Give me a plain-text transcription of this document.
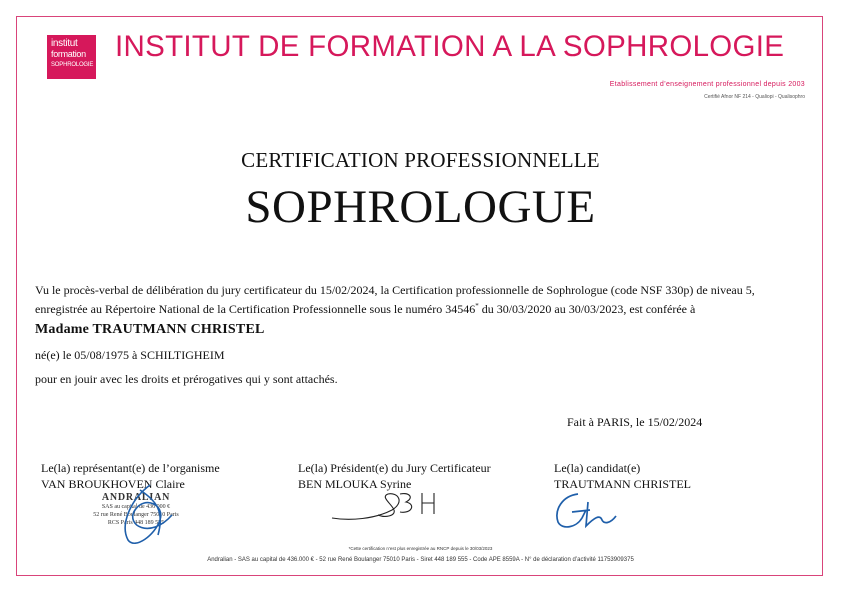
institut
formation
SOPHROLOGIE
INSTITUT DE FORMATION A LA SOPHROLOGIE
Etablissement d’enseignement professionnel depuis 2003
Certifié Afnor NF 214 - Qualiopi - Qualisophro
CERTIFICATION PROFESSIONNELLE
SOPHROLOGUE
Vu le procès-verbal de délibération du jury certificateur du 15/02/2024, la Certification professionnelle de Sophrologue (code NSF 330p) de niveau 5,
enregistrée au Répertoire National de la Certification Professionnelle sous le numéro 34546* du 30/03/2020 au 30/03/2023, est conférée à
Madame TRAUTMANN CHRISTEL
né(e) le 05/08/1975 à SCHILTIGHEIM
pour en jouir avec les droits et prérogatives qui y sont attachés.
Fait à PARIS, le 15/02/2024
Le(la) représentant(e) de l’organisme
VAN BROUKHOVEN Claire
Le(la) Président(e) du Jury Certificateur
BEN MLOUKA Syrine
Le(la) candidat(e)
TRAUTMANN CHRISTEL
ANDRALIAN
SAS au capital de 436 000 €
52 rue René Boulanger 75010 Paris
RCS Paris 448 189 555
*Cette certification n’est plus enregistrée au RNCP depuis le 30/03/2023
Andralian - SAS au capital de 436.000 € - 52 rue René Boulanger 75010 Paris - Siret 448 189 555 - Code APE 8559A - N° de déclaration d’activité 11753909375
